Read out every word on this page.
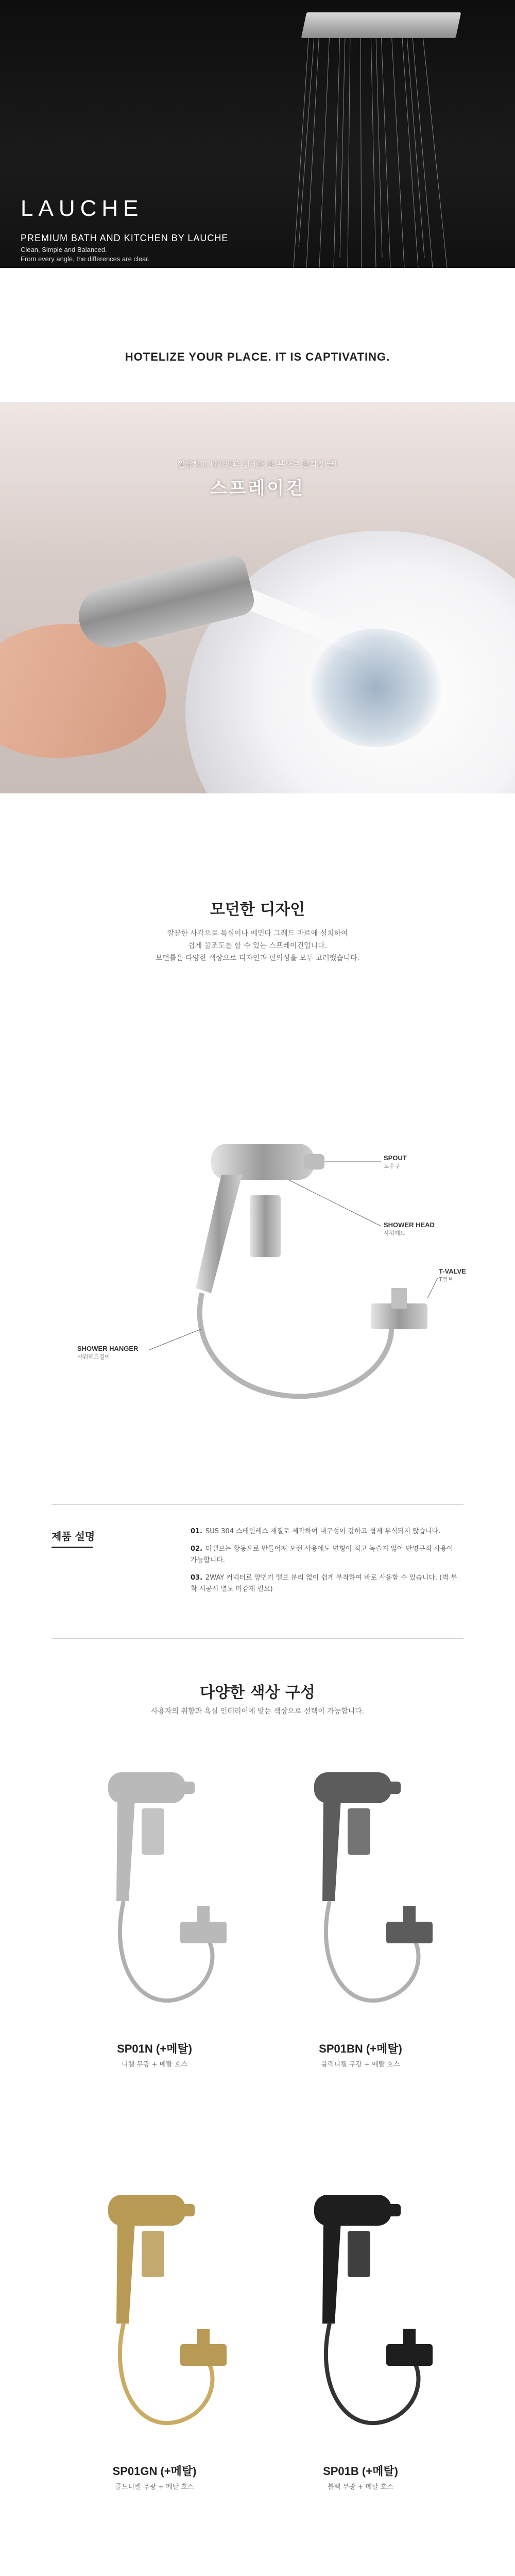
LAUCHE
PREMIUM BATH AND KITCHEN BY LAUCHE
Clean, Simple and Balanced.
From every angle, the differences are clear.
HOTELIZE YOUR PLACE. IT IS CAPTIVATING.
깔끔하고 디자인과 섬세한 물 분사로 물걱정 끝!
스프레이건
모던한 디자인
깔끔한 사각으로 특실이나 예민다 그레드 마르에 설치하여
쉽게 물조도를 할 수 있는 스프레이건입니다.
모던틀은 다양한 색상으로 디자인과 편의성을 모두 고려했습니다.
SPOUT
토수구
SHOWER HEAD
샤워헤드
T-VALVE
T밸브
SHOWER HANGER
샤워헤드걸이
제품 설명	01. SUS 304 스테인레스 재질로 제작하여 내구성이 강하고 쉽게 부식되지 않습니다.
02. 티밸브는 황동으로 만들어져 오랜 사용에도 변형이 적고 녹슬지 않아 반영구적 사용이 가능합니다.
03. 2WAY 커넥터로 양변기 밸브 분리 없이 쉽게 부착하여 바로 사용할 수 있습니다. (벽 부착 시공시 별도 마감재 필요)
다양한 색상 구성
사용자의 취향과 욕실 인테리어에 맞는 색상으로 선택이 가능합니다.
SP01N (+메탈)
니켈 무광 + 메탈 호스
SP01BN (+메탈)
블랙니켈 무광 + 메탈 호스
SP01GN (+메탈)
골드니켈 무광 + 메탈 호스
SP01B (+메탈)
블랙 무광 + 메탈 호스
